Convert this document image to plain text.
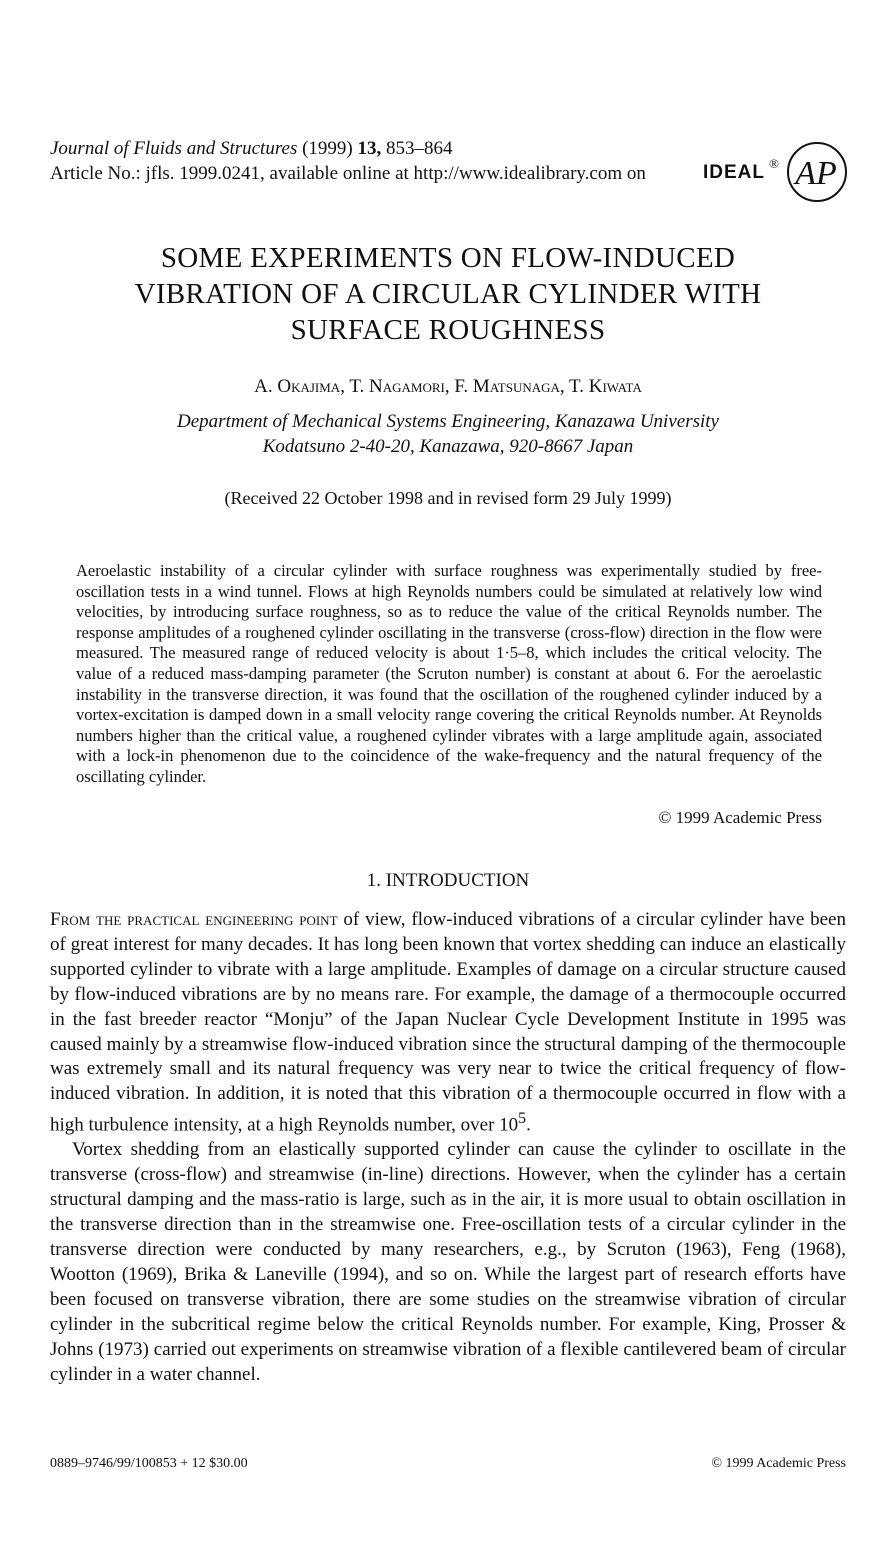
Journal of Fluids and Structures (1999) 13, 853–864
Article No.: jfls. 1999.0241, available online at http://www.idealibrary.com on	IDEAL ® AP
SOME EXPERIMENTS ON FLOW-INDUCED
VIBRATION OF A CIRCULAR CYLINDER WITH
SURFACE ROUGHNESS
A. Okajima, T. Nagamori, F. Matsunaga, T. Kiwata
Department of Mechanical Systems Engineering, Kanazawa University
Kodatsuno 2-40-20, Kanazawa, 920-8667 Japan
(Received 22 October 1998 and in revised form 29 July 1999)

Aeroelastic instability of a circular cylinder with surface roughness was experimentally studied by free-oscillation tests in a wind tunnel. Flows at high Reynolds numbers could be simulated at relatively low wind velocities, by introducing surface roughness, so as to reduce the value of the critical Reynolds number. The response amplitudes of a roughened cylinder oscillating in the transverse (cross-flow) direction in the flow were measured. The measured range of reduced velocity is about 1·5–8, which includes the critical velocity. The value of a reduced mass-damping parameter (the Scruton number) is constant at about 6. For the aeroelastic instability in the transverse direction, it was found that the oscillation of the roughened cylinder induced by a vortex-excitation is damped down in a small velocity range covering the critical Reynolds number. At Reynolds numbers higher than the critical value, a roughened cylinder vibrates with a large amplitude again, associated with a lock-in phenomenon due to the coincidence of the wake-frequency and the natural frequency of the oscillating cylinder.

© 1999 Academic Press
1. INTRODUCTION

From the practical engineering point of view, flow-induced vibrations of a circular cylinder have been of great interest for many decades. It has long been known that vortex shedding can induce an elastically supported cylinder to vibrate with a large amplitude. Examples of damage on a circular structure caused by flow-induced vibrations are by no means rare. For example, the damage of a thermocouple occurred in the fast breeder reactor “Monju” of the Japan Nuclear Cycle Development Institute in 1995 was caused mainly by a streamwise flow-induced vibration since the structural damping of the thermocouple was extremely small and its natural frequency was very near to twice the critical frequency of flow-induced vibration. In addition, it is noted that this vibration of a thermocouple occurred in flow with a high turbulence intensity, at a high Reynolds number, over $10^5$.

Vortex shedding from an elastically supported cylinder can cause the cylinder to oscillate in the transverse (cross-flow) and streamwise (in-line) directions. However, when the cylinder has a certain structural damping and the mass-ratio is large, such as in the air, it is more usual to obtain oscillation in the transverse direction than in the streamwise one. Free-oscillation tests of a circular cylinder in the transverse direction were conducted by many researchers, e.g., by Scruton (1963), Feng (1968), Wootton (1969), Brika & Laneville (1994), and so on. While the largest part of research efforts have been focused on transverse vibration, there are some studies on the streamwise vibration of circular cylinder in the subcritical regime below the critical Reynolds number. For example, King, Prosser & Johns (1973) carried out experiments on streamwise vibration of a flexible cantilevered beam of circular cylinder in a water channel.

0889–9746/99/100853 + 12 $30.00	© 1999 Academic Press
